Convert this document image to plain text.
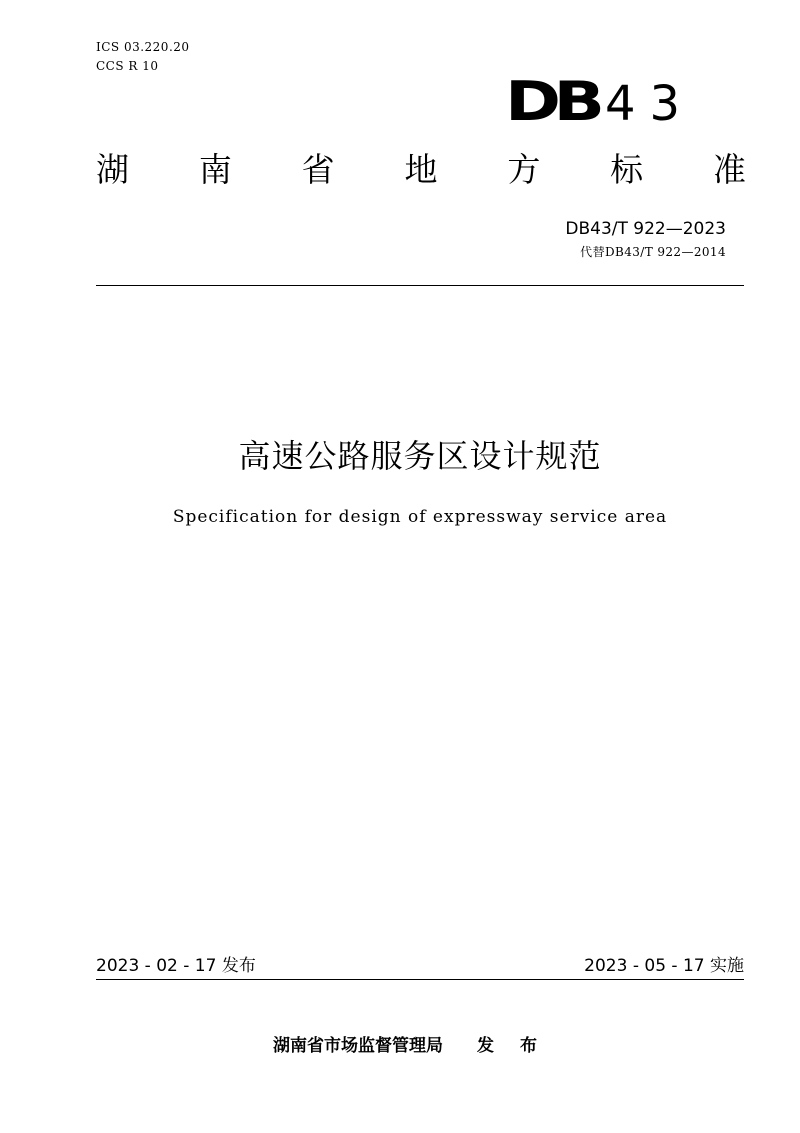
ICS 03.220.20
CCS R 10
DB 43
湖 南 省 地 方 标 准
DB43/T 922—2023
代替DB43/T 922—2014
高速公路服务区设计规范
Specification for design of expressway service area
2023 - 02 - 17 发布	2023 - 05 - 17 实施
湖南省市场监督管理局 发 布
